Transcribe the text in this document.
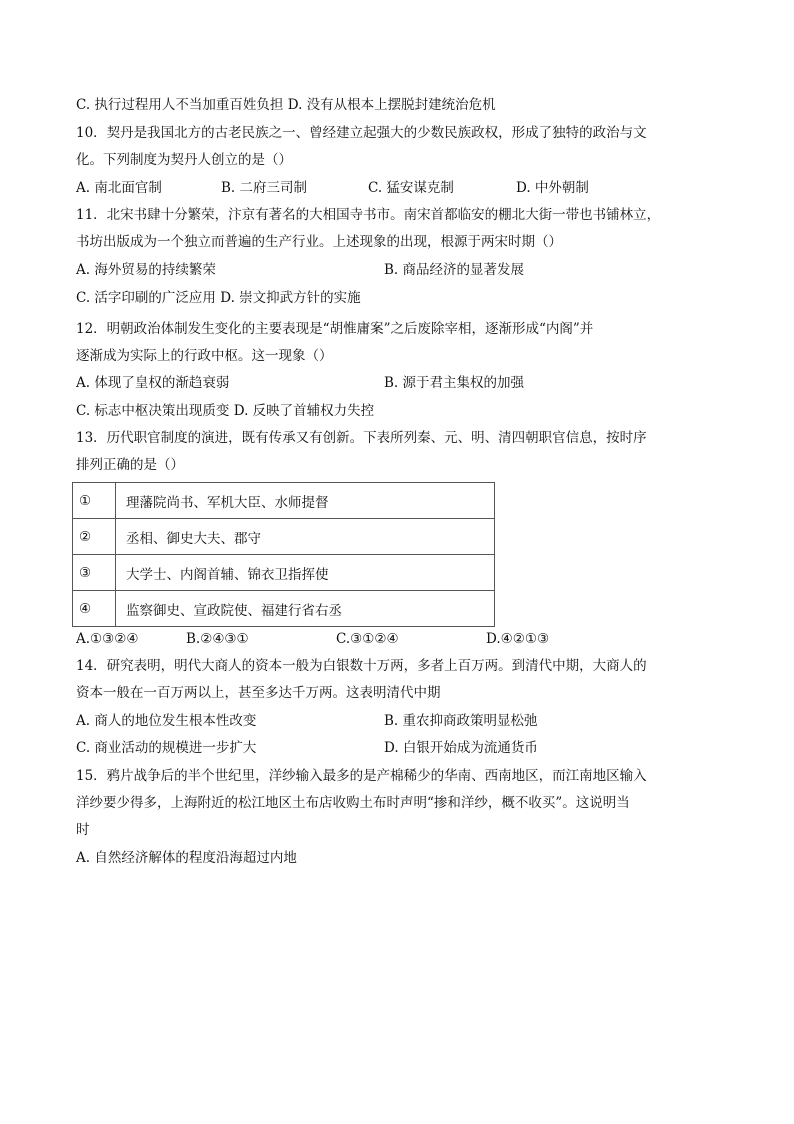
C. 执行过程用人不当加重百姓负担 D. 没有从根本上摆脱封建统治危机
10．契丹是我国北方的古老民族之一、曾经建立起强大的少数民族政权，形成了独特的政治与文
化。下列制度为契丹人创立的是（）
A. 南北面官制	B. 二府三司制	C. 猛安谋克制	D. 中外朝制
11．北宋书肆十分繁荣，汴京有著名的大相国寺书市。南宋首都临安的棚北大街一带也书铺林立，
书坊出版成为一个独立而普遍的生产行业。上述现象的出现，根源于两宋时期（）
A. 海外贸易的持续繁荣	B. 商品经济的显著发展
C. 活字印刷的广泛应用 D. 崇文抑武方针的实施
12．明朝政治体制发生变化的主要表现是“胡惟庸案”之后废除宰相，逐渐形成“内阁”并
逐渐成为实际上的行政中枢。这一现象（）
A. 体现了皇权的渐趋衰弱	B. 源于君主集权的加强
C. 标志中枢决策出现质变 D. 反映了首辅权力失控
13．历代职官制度的演进，既有传承又有创新。下表所列秦、元、明、清四朝职官信息，按时序
排列正确的是（）
①	理藩院尚书、军机大臣、水师提督
②	丞相、御史大夫、郡守
③	大学士、内阁首辅、锦衣卫指挥使
④	监察御史、宣政院使、福建行省右丞
A.①③②④	B.②④③①	C.③①②④	D.④②①③
14．研究表明，明代大商人的资本一般为白银数十万两，多者上百万两。到清代中期，大商人的
资本一般在一百万两以上，甚至多达千万两。这表明清代中期
A. 商人的地位发生根本性改变	B. 重农抑商政策明显松弛
C. 商业活动的规模进一步扩大	D. 白银开始成为流通货币
15．鸦片战争后的半个世纪里，洋纱输入最多的是产棉稀少的华南、西南地区，而江南地区输入
洋纱要少得多，上海附近的松江地区土布店收购土布时声明“掺和洋纱，概不收买”。这说明当
时
A. 自然经济解体的程度沿海超过内地
